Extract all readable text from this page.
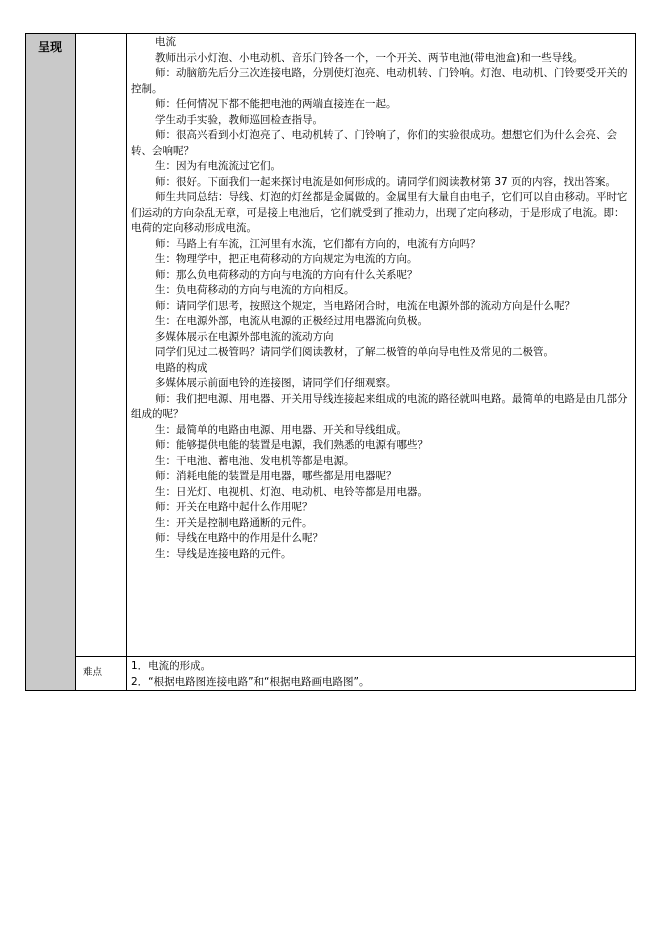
呈现	电流

教师出示小灯泡、小电动机、音乐门铃各一个，一个开关、两节电池(带电池盒)和一些导线。

师：动脑筋先后分三次连接电路，分别使灯泡亮、电动机转、门铃响。灯泡、电动机、门铃要受开关的控制。

师：任何情况下都不能把电池的两端直接连在一起。

学生动手实验，教师巡回检查指导。

师：很高兴看到小灯泡亮了、电动机转了、门铃响了，你们的实验很成功。想想它们为什么会亮、会转、会响呢？

生：因为有电流流过它们。

师：很好。下面我们一起来探讨电流是如何形成的。请同学们阅读教材第 37 页的内容，找出答案。

师生共同总结：导线、灯泡的灯丝都是金属做的。金属里有大量自由电子，它们可以自由移动。平时它们运动的方向杂乱无章，可是接上电池后，它们就受到了推动力，出现了定向移动，于是形成了电流。即：电荷的定向移动形成电流。

师：马路上有车流，江河里有水流，它们都有方向的，电流有方向吗？

生：物理学中，把正电荷移动的方向规定为电流的方向。

师：那么负电荷移动的方向与电流的方向有什么关系呢？

生：负电荷移动的方向与电流的方向相反。

师：请同学们思考，按照这个规定，当电路闭合时，电流在电源外部的流动方向是什么呢？

生：在电源外部，电流从电源的正极经过用电器流向负极。

多媒体展示在电源外部电流的流动方向

同学们见过二极管吗？请同学们阅读教材，了解二极管的单向导电性及常见的二极管。

电路的构成

多媒体展示前面电铃的连接图，请同学们仔细观察。

师：我们把电源、用电器、开关用导线连接起来组成的电流的路径就叫电路。最简单的电路是由几部分组成的呢？

生：最简单的电路由电源、用电器、开关和导线组成。

师：能够提供电能的装置是电源，我们熟悉的电源有哪些？

生：干电池、蓄电池、发电机等都是电源。

师：消耗电能的装置是用电器，哪些都是用电器呢？

生：日光灯、电视机、灯泡、电动机、电铃等都是用电器。

师：开关在电路中起什么作用呢？

生：开关是控制电路通断的元件。

师：导线在电路中的作用是什么呢？

生：导线是连接电路的元件。

难点

1．电流的形成。

2．“根据电路图连接电路”和“根据电路画电路图”。
